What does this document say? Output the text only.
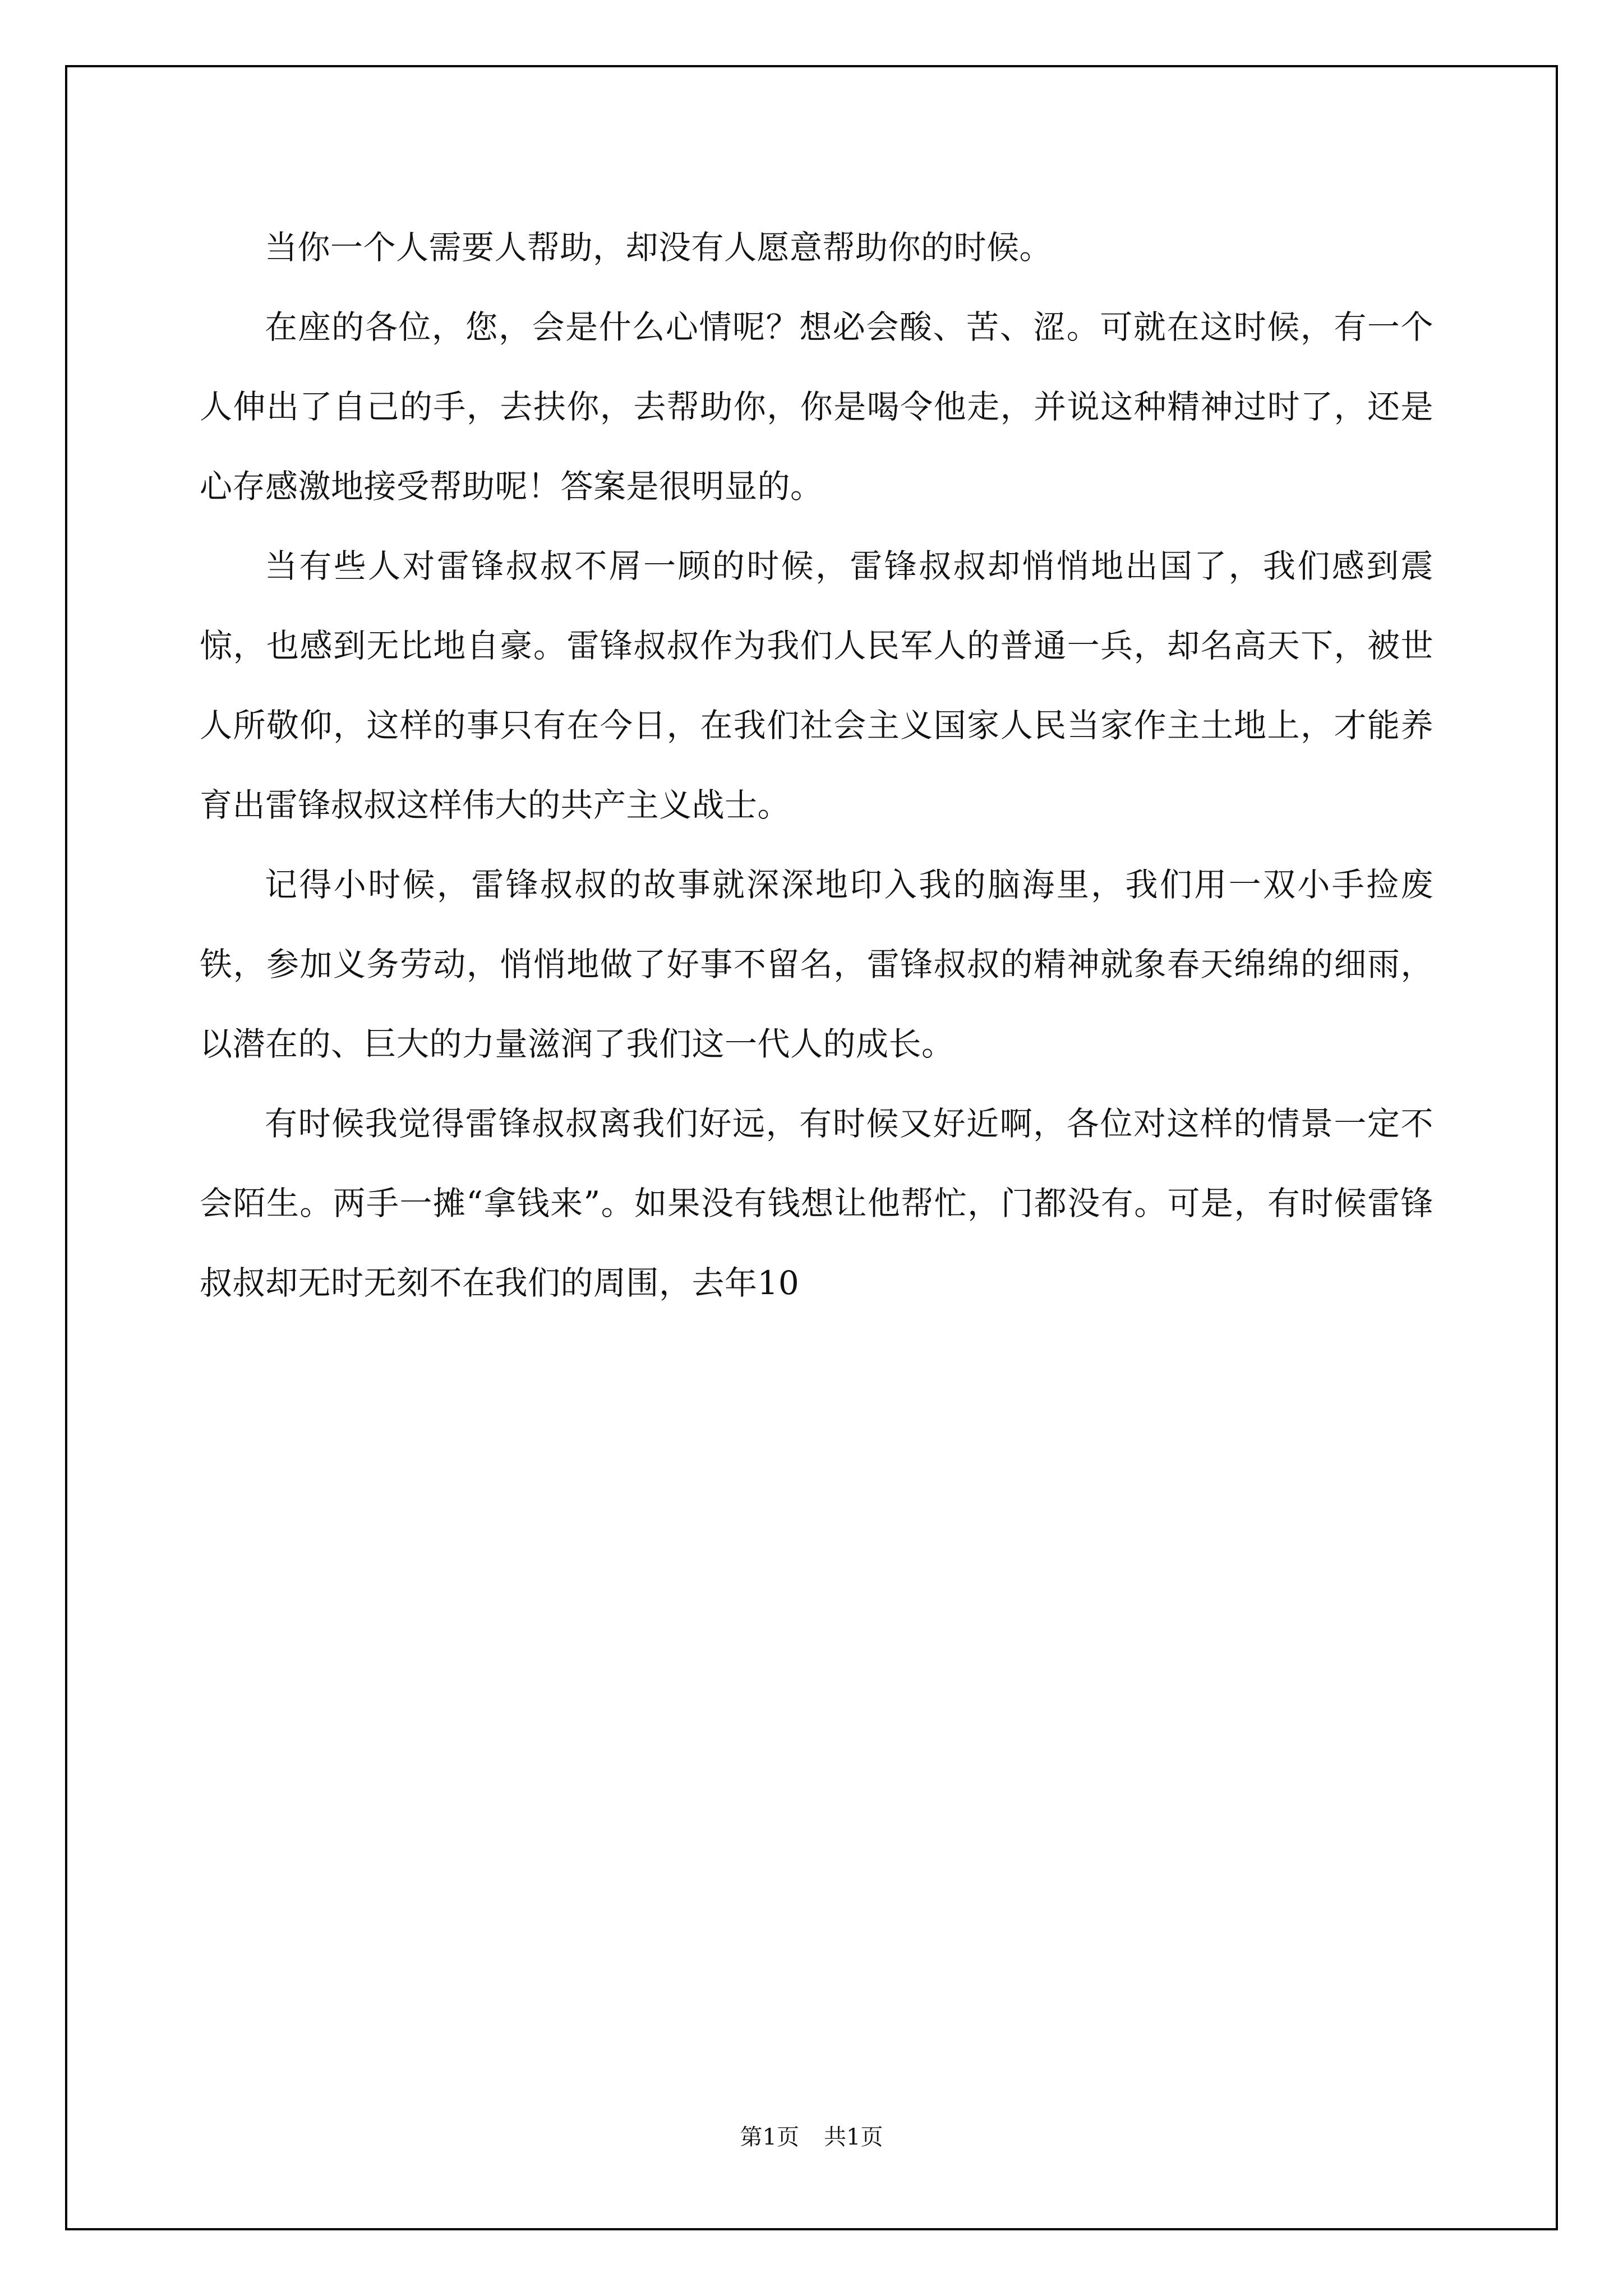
当你一个人需要人帮助，却没有人愿意帮助你的时候。

在座的各位，您，会是什么心情呢？想必会酸、苦、涩。可就在这时候，有一个人伸出了自己的手，去扶你，去帮助你，你是喝令他走，并说这种精神过时了，还是心存感激地接受帮助呢！答案是很明显的。

当有些人对雷锋叔叔不屑一顾的时候，雷锋叔叔却悄悄地出国了，我们感到震惊，也感到无比地自豪。雷锋叔叔作为我们人民军人的普通一兵，却名高天下，被世人所敬仰，这样的事只有在今日，在我们社会主义国家人民当家作主土地上，才能养育出雷锋叔叔这样伟大的共产主义战士。

记得小时候，雷锋叔叔的故事就深深地印入我的脑海里，我们用一双小手捡废铁，参加义务劳动，悄悄地做了好事不留名，雷锋叔叔的精神就象春天绵绵的细雨，以潜在的、巨大的力量滋润了我们这一代人的成长。

有时候我觉得雷锋叔叔离我们好远，有时候又好近啊，各位对这样的情景一定不会陌生。两手一摊“拿钱来”。如果没有钱想让他帮忙，门都没有。可是，有时候雷锋叔叔却无时无刻不在我们的周围，去年10

第1页 共1页
